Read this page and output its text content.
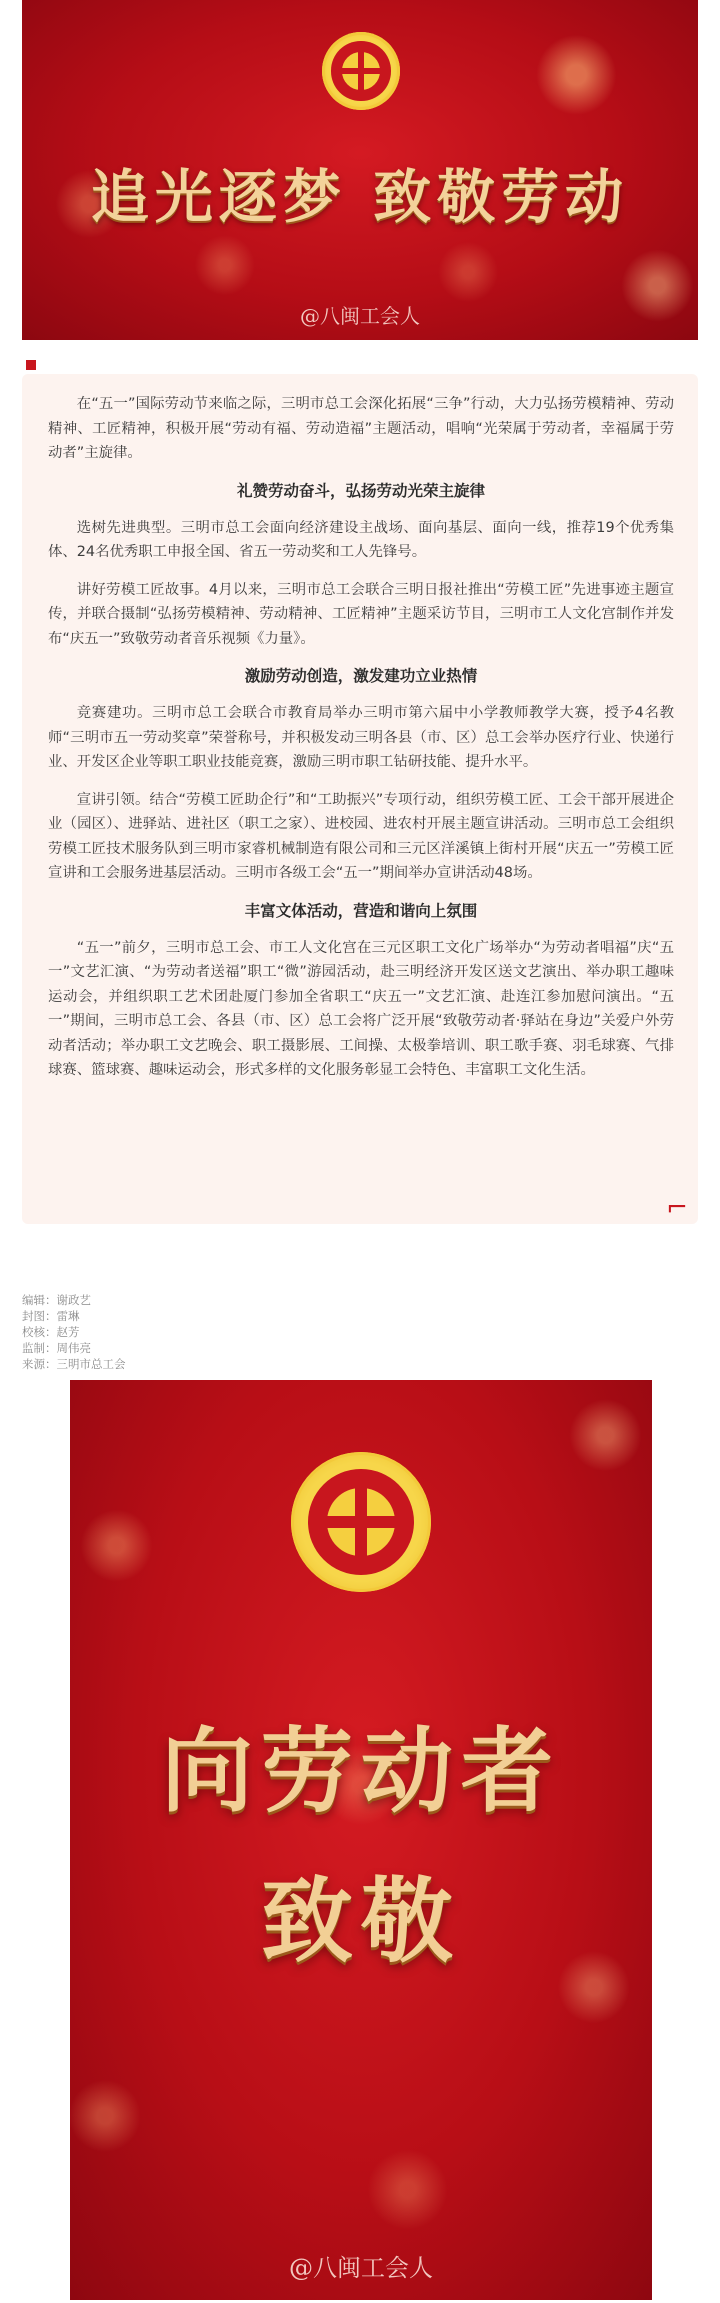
追光逐梦 致敬劳动
@八闽工会人

在“五一”国际劳动节来临之际，三明市总工会深化拓展“三争”行动，大力弘扬劳模精神、劳动精神、工匠精神，积极开展“劳动有福、劳动造福”主题活动，唱响“光荣属于劳动者，幸福属于劳动者”主旋律。

礼赞劳动奋斗，弘扬劳动光荣主旋律

选树先进典型。三明市总工会面向经济建设主战场、面向基层、面向一线，推荐19个优秀集体、24名优秀职工申报全国、省五一劳动奖和工人先锋号。

讲好劳模工匠故事。4月以来，三明市总工会联合三明日报社推出“劳模工匠”先进事迹主题宣传，并联合摄制“弘扬劳模精神、劳动精神、工匠精神”主题采访节目，三明市工人文化宫制作并发布“庆五一”致敬劳动者音乐视频《力量》。

激励劳动创造，激发建功立业热情

竞赛建功。三明市总工会联合市教育局举办三明市第六届中小学教师教学大赛，授予4名教师“三明市五一劳动奖章”荣誉称号，并积极发动三明各县（市、区）总工会举办医疗行业、快递行业、开发区企业等职工职业技能竞赛，激励三明市职工钻研技能、提升水平。

宣讲引领。结合“劳模工匠助企行”和“工助振兴”专项行动，组织劳模工匠、工会干部开展进企业（园区）、进驿站、进社区（职工之家）、进校园、进农村开展主题宣讲活动。三明市总工会组织劳模工匠技术服务队到三明市家睿机械制造有限公司和三元区洋溪镇上街村开展“庆五一”劳模工匠宣讲和工会服务进基层活动。三明市各级工会“五一”期间举办宣讲活动48场。

丰富文体活动，营造和谐向上氛围

“五一”前夕，三明市总工会、市工人文化宫在三元区职工文化广场举办“为劳动者唱福”庆“五一”文艺汇演、“为劳动者送福”职工“微”游园活动，赴三明经济开发区送文艺演出、举办职工趣味运动会，并组织职工艺术团赴厦门参加全省职工“庆五一”文艺汇演、赴连江参加慰问演出。“五一”期间，三明市总工会、各县（市、区）总工会将广泛开展“致敬劳动者·驿站在身边”关爱户外劳动者活动；举办职工文艺晚会、职工摄影展、工间操、太极拳培训、职工歌手赛、羽毛球赛、气排球赛、篮球赛、趣味运动会，形式多样的文化服务彰显工会特色、丰富职工文化生活。

⌐
编辑：谢政艺
封图：雷琳
校核：赵芳
监制：周伟亮
来源：三明市总工会
向劳动者
致敬
@八闽工会人
